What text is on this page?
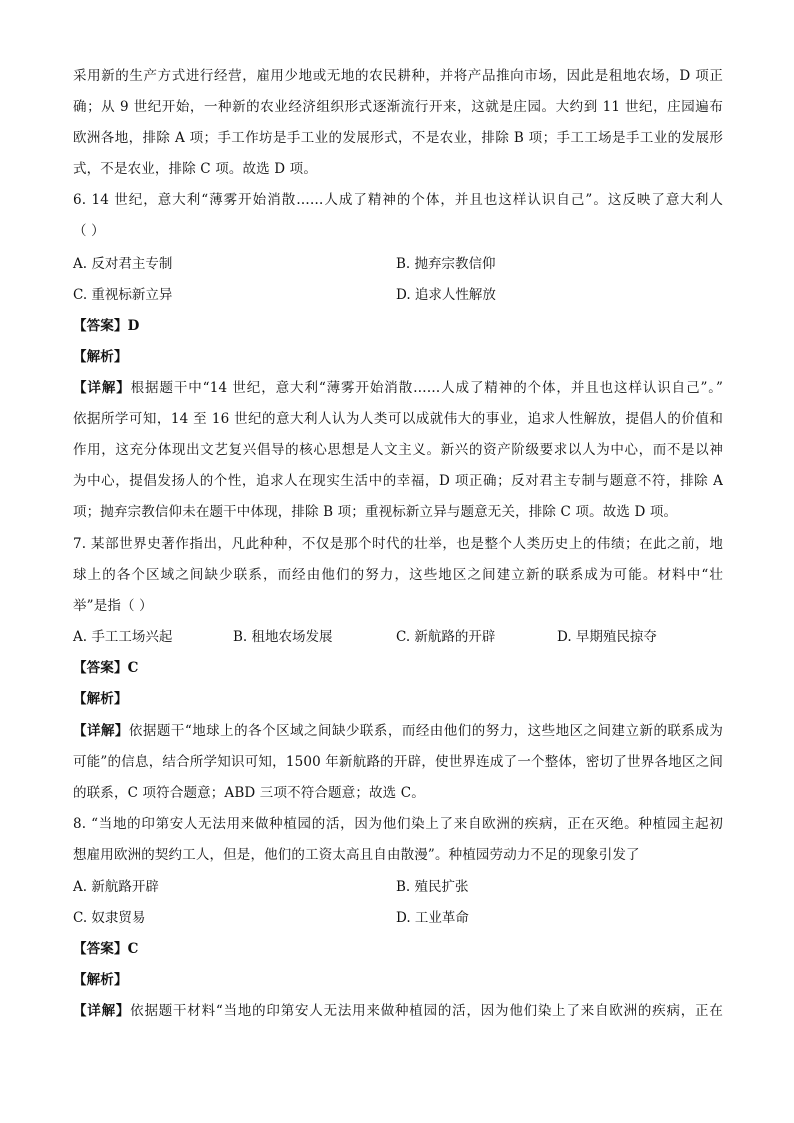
采用新的生产方式进行经营，雇用少地或无地的农民耕种，并将产品推向市场，因此是租地农场，D 项正
确；从 9 世纪开始，一种新的农业经济组织形式逐渐流行开来，这就是庄园。大约到 11 世纪，庄园遍布
欧洲各地，排除 A 项；手工作坊是手工业的发展形式，不是农业，排除 B 项；手工工场是手工业的发展形
式，不是农业，排除 C 项。故选 D 项。
6. 14 世纪，意大利“薄雾开始消散……人成了精神的个体，并且也这样认识自己”。这反映了意大利人
（ ）
A. 反对君主专制	B. 抛弃宗教信仰
C. 重视标新立异	D. 追求人性解放
【答案】D
【解析】
【详解】根据题干中“14 世纪，意大利“薄雾开始消散……人成了精神的个体，并且也这样认识自己”。”
依据所学可知，14 至 16 世纪的意大利人认为人类可以成就伟大的事业，追求人性解放，提倡人的价值和
作用，这充分体现出文艺复兴倡导的核心思想是人文主义。新兴的资产阶级要求以人为中心，而不是以神
为中心，提倡发扬人的个性，追求人在现实生活中的幸福，D 项正确；反对君主专制与题意不符，排除 A
项；抛弃宗教信仰未在题干中体现，排除 B 项；重视标新立异与题意无关，排除 C 项。故选 D 项。
7. 某部世界史著作指出，凡此种种，不仅是那个时代的壮举，也是整个人类历史上的伟绩；在此之前，地
球上的各个区域之间缺少联系，而经由他们的努力，这些地区之间建立新的联系成为可能。材料中“壮
举”是指（ ）
A. 手工工场兴起	B. 租地农场发展	C. 新航路的开辟	D. 早期殖民掠夺
【答案】C
【解析】
【详解】依据题干“地球上的各个区域之间缺少联系，而经由他们的努力，这些地区之间建立新的联系成为
可能”的信息，结合所学知识可知，1500 年新航路的开辟，使世界连成了一个整体，密切了世界各地区之间
的联系，C 项符合题意；ABD 三项不符合题意；故选 C。
8. “当地的印第安人无法用来做种植园的活，因为他们染上了来自欧洲的疾病，正在灭绝。种植园主起初
想雇用欧洲的契约工人，但是，他们的工资太高且自由散漫”。种植园劳动力不足的现象引发了
A. 新航路开辟	B. 殖民扩张
C. 奴隶贸易	D. 工业革命
【答案】C
【解析】
【详解】依据题干材料“当地的印第安人无法用来做种植园的活，因为他们染上了来自欧洲的疾病，正在
